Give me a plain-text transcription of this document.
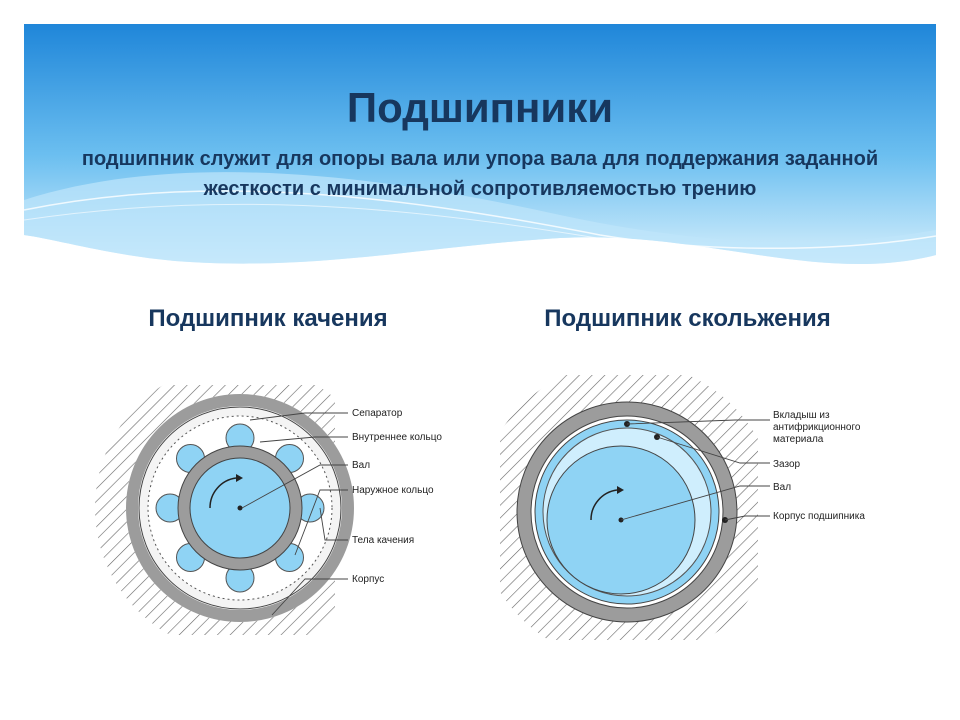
Подшипники
подшипник служит для опоры вала или упора вала для поддержания заданной жесткости с минимальной сопротивляемостью трению
Подшипник качения	Подшипник скольжения
Сепаратор
Внутреннее кольцо
Вал
Наружное кольцо
Тела качения
Корпус
Вкладыш из
антифрикционного
материала
Зазор
Вал
Корпус подшипника
